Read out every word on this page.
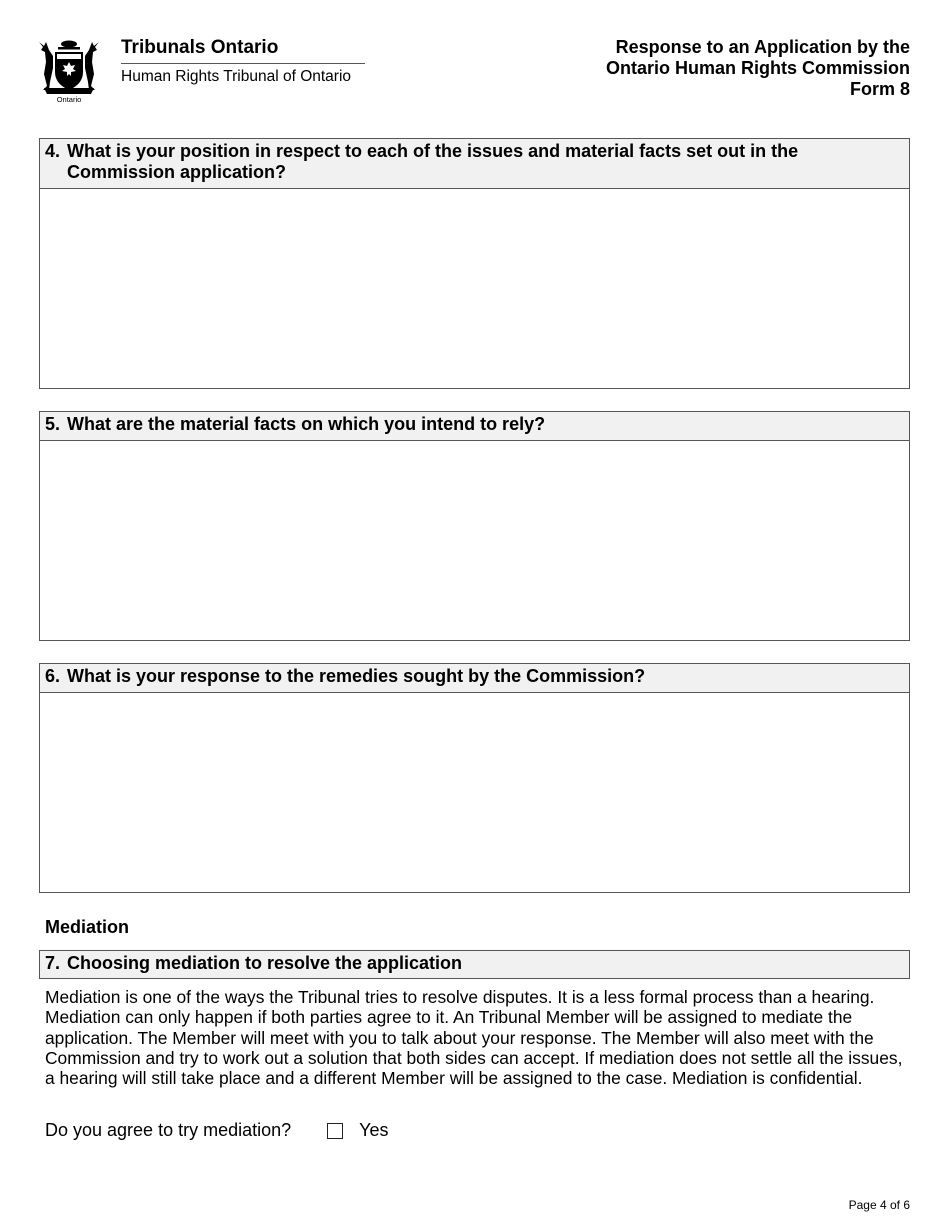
Ontario
Tribunals Ontario
Human Rights Tribunal of Ontario
Response to an Application by the
Ontario Human Rights Commission
Form 8
4. What is your position in respect to each of the issues and material facts set out in the Commission application?
5. What are the material facts on which you intend to rely?
6. What is your response to the remedies sought by the Commission?
Mediation
7. Choosing mediation to resolve the application

Mediation is one of the ways the Tribunal tries to resolve disputes. It is a less formal process than a hearing. Mediation can only happen if both parties agree to it. An Tribunal Member will be assigned to mediate the application. The Member will meet with you to talk about your response. The Member will also meet with the Commission and try to work out a solution that both sides can accept. If mediation does not settle all the issues, a hearing will still take place and a different Member will be assigned to the case. Mediation is confidential.

Do you agree to try mediation?	Yes
Page 4 of 6
